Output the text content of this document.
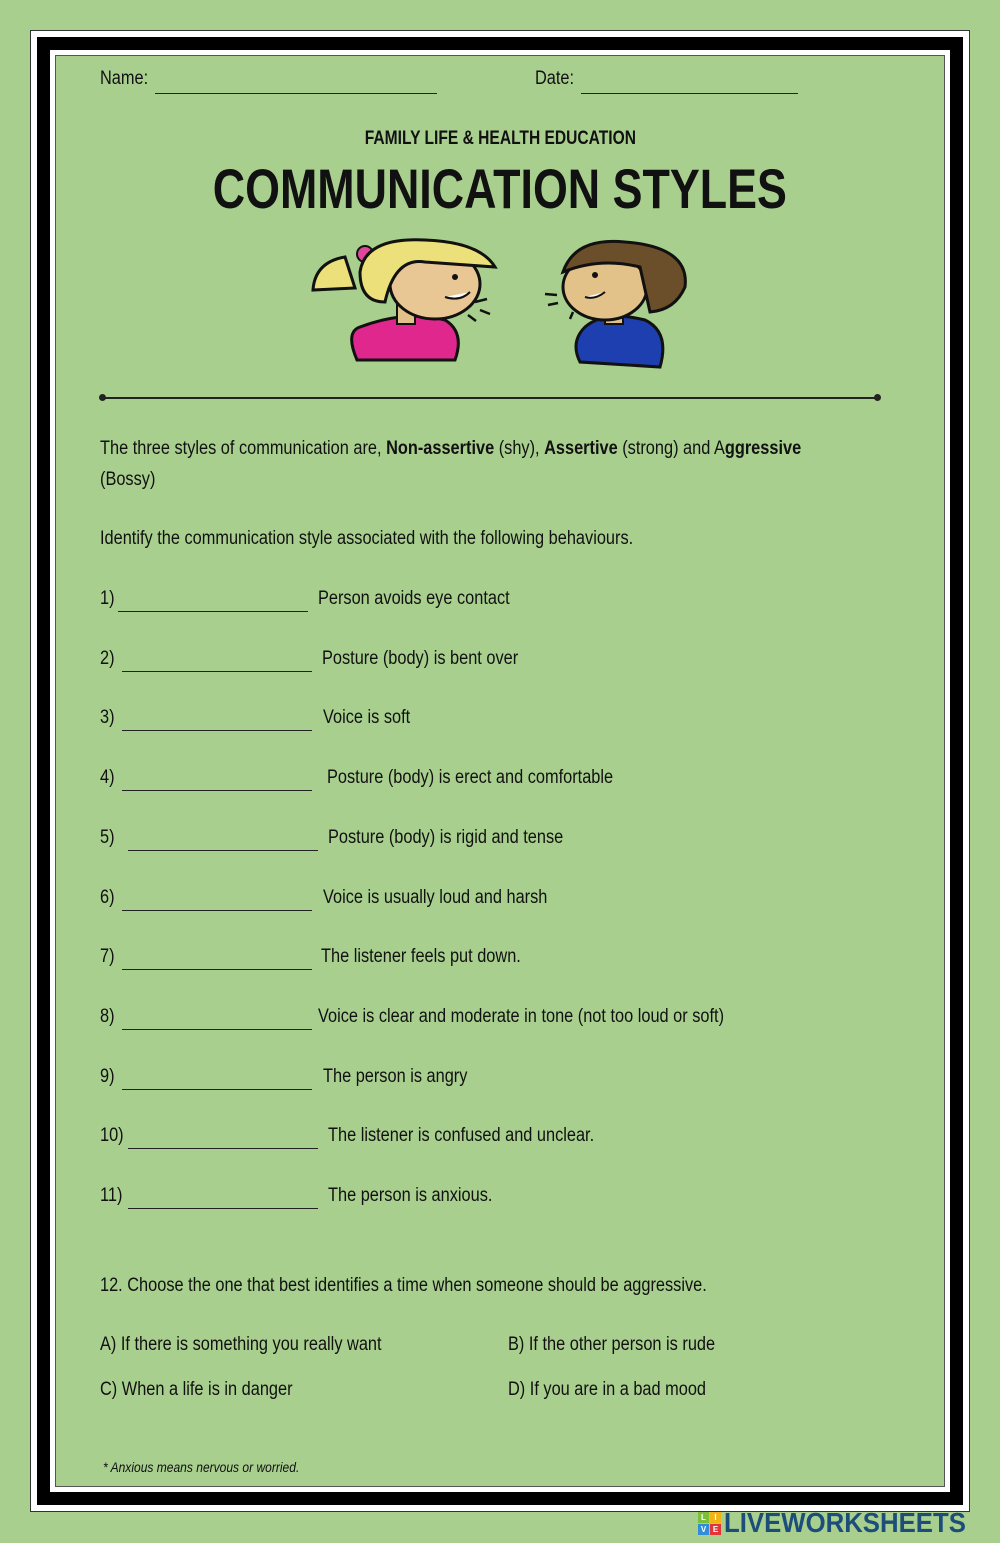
Name:	Date:
FAMILY LIFE & HEALTH EDUCATION
COMMUNICATION STYLES
The three styles of communication are, Non-assertive (shy), Assertive (strong) and Aggressive
(Bossy)
Identify the communication style associated with the following behaviours.
1)	Person avoids eye contact
2)	Posture (body) is bent over
3)	Voice is soft
4)	Posture (body) is erect and comfortable
5)	Posture (body) is rigid and tense
6)	Voice is usually loud and harsh
7)	The listener feels put down.
8)	Voice is clear and moderate in tone (not too loud or soft)
9)	The person is angry
10)	The listener is confused and unclear.
11)	The person is anxious.
12. Choose the one that best identifies a time when someone should be aggressive.
A) If there is something you really want	B) If the other person is rude
C) When a life is in danger	D) If you are in a bad mood
* Anxious means nervous or worried.
L	I
V E LIVEWORKSHEETS
